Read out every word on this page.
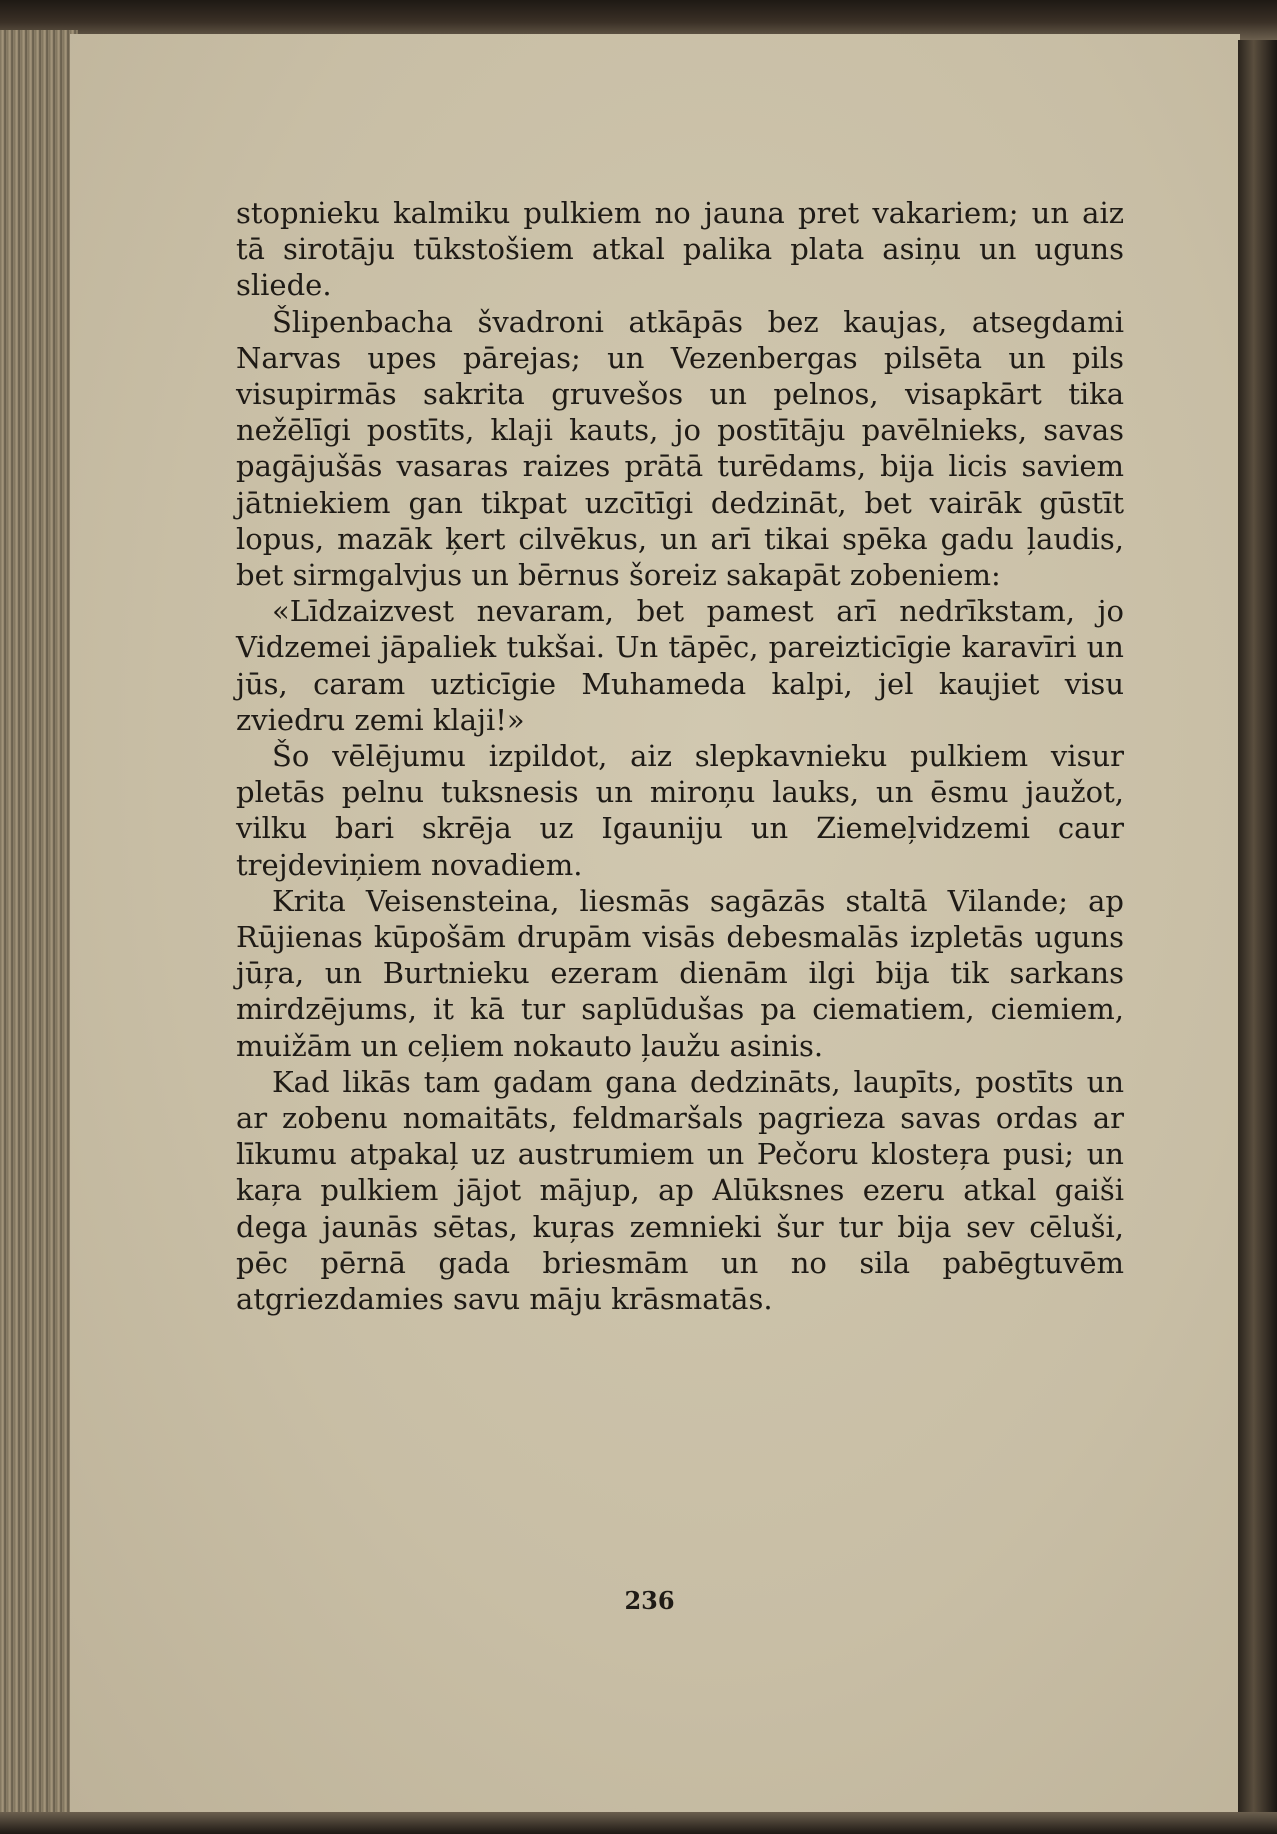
stopnieku kalmiku pulkiem no jauna pret vakariem; un aiz tā sirotāju tūkstošiem atkal palika plata asiņu un uguns sliede.

Šlipenbacha švadroni atkāpās bez kaujas, atsegdami Narvas upes pārejas; un Vezenbergas pilsēta un pils visupirmās sakrita gruvešos un pelnos, visapkārt tika nežēlīgi postīts, klaji kauts, jo postītāju pavēlnieks, savas pagājušās vasaras raizes prātā turēdams, bija licis saviem jātniekiem gan tikpat uzcītīgi dedzināt, bet vairāk gūstīt lopus, mazāk ķert cilvēkus, un arī tikai spēka gadu ļaudis, bet sirmgalvjus un bērnus šoreiz sakapāt zobeniem:

«Līdzaizvest nevaram, bet pamest arī nedrīkstam, jo Vidzemei jāpaliek tukšai. Un tāpēc, pareizticīgie karavīri un jūs, caram uzticīgie Muhameda kalpi, jel kaujiet visu zviedru zemi klaji!»

Šo vēlējumu izpildot, aiz slepkavnieku pulkiem visur pletās pelnu tuksnesis un miroņu lauks, un ēsmu jaužot, vilku bari skrēja uz Igauniju un Ziemeļvidzemi caur trejdeviņiem novadiem.

Krita Veisensteina, liesmās sagāzās staltā Vilande; ap Rūjienas kūpošām drupām visās debesmalās izpletās uguns jūŗa, un Burtnieku ezeram dienām ilgi bija tik sarkans mirdzējums, it kā tur saplūdušas pa ciematiem, ciemiem, muižām un ceļiem nokauto ļaužu asinis.

Kad likās tam gadam gana dedzināts, laupīts, postīts un ar zobenu nomaitāts, feldmaršals pagrieza savas ordas ar līkumu atpakaļ uz austrumiem un Pečoru klosteŗa pusi; un kaŗa pulkiem jājot mājup, ap Alūksnes ezeru atkal gaiši dega jaunās sētas, kuŗas zemnieki šur tur bija sev cēluši, pēc pērnā gada briesmām un no sila pabēgtuvēm atgriezdamies savu māju krāsmatās.

236
